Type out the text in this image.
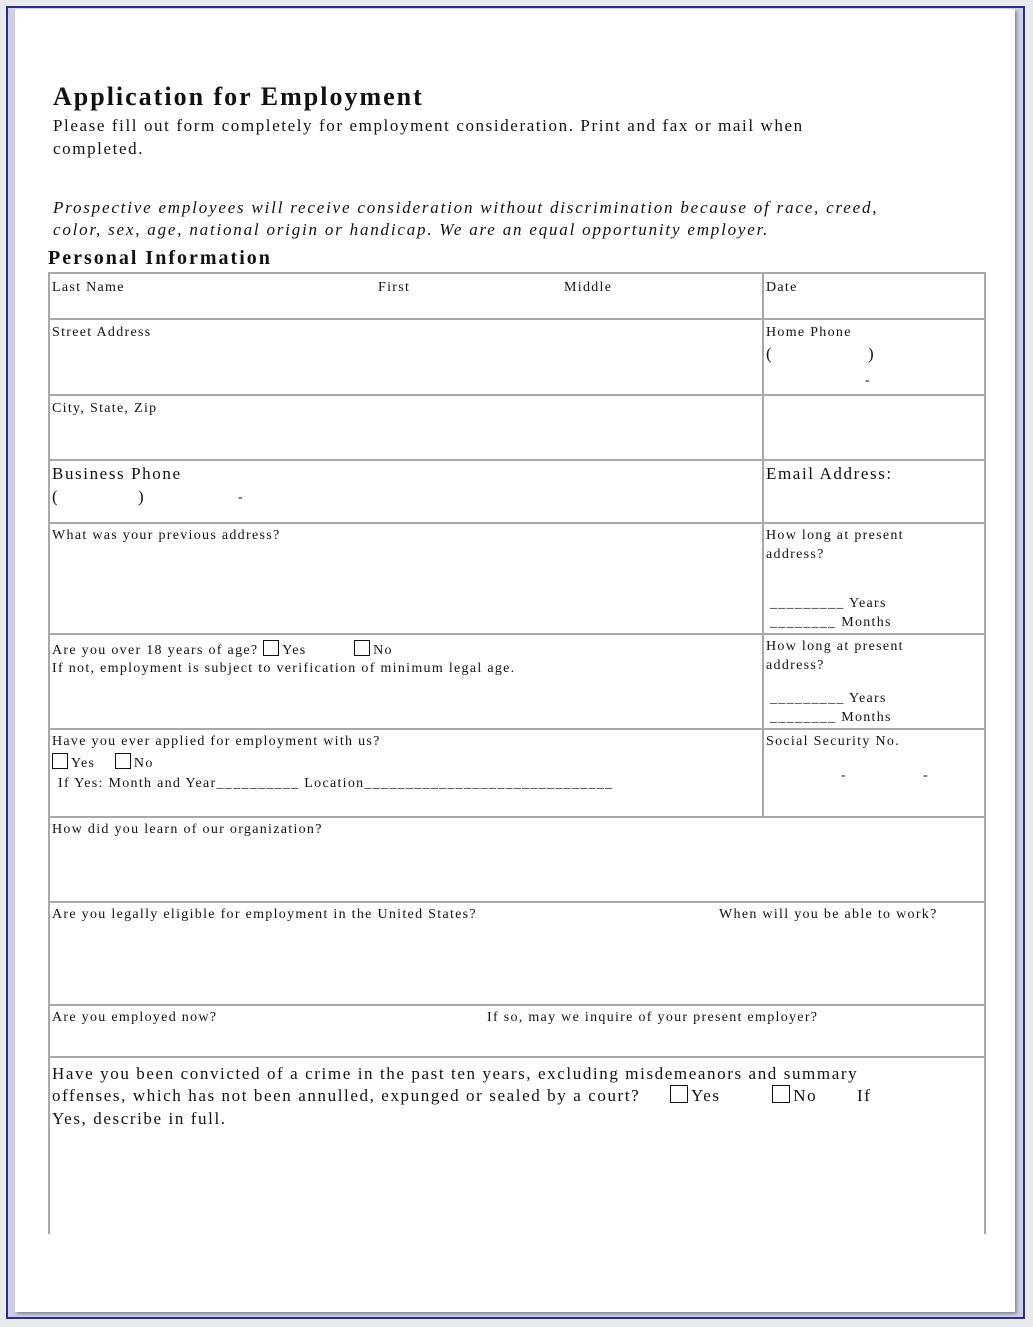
Application for Employment
Please fill out form completely for employment consideration. Print and fax or mail when
completed.
Prospective employees will receive consideration without discrimination because of race, creed,
color, sex, age, national origin or handicap. We are an equal opportunity employer.
Personal Information
Last Name	First	Middle	Date
Street Address	Home Phone
(	)
-
City, State, Zip
Business Phone
(	)	-
Email Address:
What was your previous address?	How long at present
address?
_________ Years
________ Months
Are you over 18 years of age? Yes	No
If not, employment is subject to verification of minimum legal age.
How long at present
address?
_________ Years
________ Months
Have you ever applied for employment with us?
Yes	No
If Yes: Month and Year__________ Location______________________________
Social Security No.
-	-
How did you learn of our organization?
Are you legally eligible for employment in the United States?	When will you be able to work?
Are you employed now?	If so, may we inquire of your present employer?
Have you been convicted of a crime in the past ten years, excluding misdemeanors and summary
offenses, which has not been annulled, expunged or sealed by a court?	Yes	No If
Yes, describe in full.
